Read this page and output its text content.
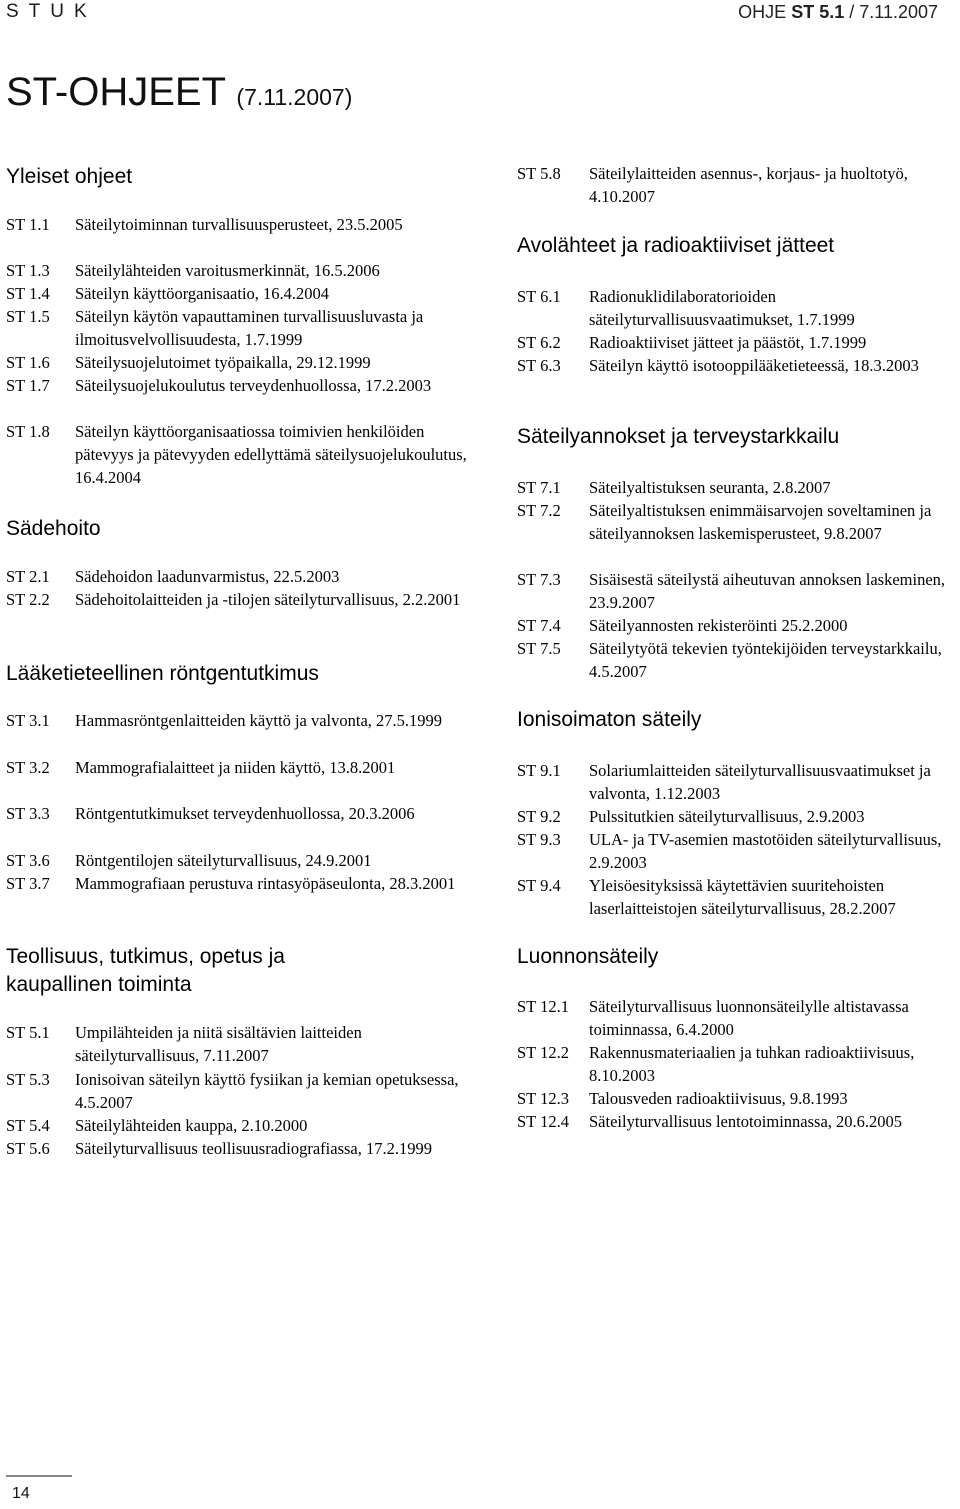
STUK	OHJE ST 5.1 / 7.11.2007
ST-OHJEET (7.11.2007)
Yleiset ohjeet
ST 1.1 Säteilytoiminnan turvallisuusperusteet, 23.5.2005
ST 1.3 Säteilylähteiden varoitusmerkinnät, 16.5.2006
ST 1.4 Säteilyn käyttöorganisaatio, 16.4.2004
ST 1.5 Säteilyn käytön vapauttaminen turvallisuusluvasta ja ilmoitusvelvollisuudesta, 1.7.1999
ST 1.6 Säteilysuojelutoimet työpaikalla, 29.12.1999
ST 1.7 Säteilysuojelukoulutus terveydenhuollossa, 17.2.2003
ST 1.8 Säteilyn käyttöorganisaatiossa toimivien henkilöiden pätevyys ja pätevyyden edellyttämä säteilysuojelukoulutus, 16.4.2004
Sädehoito
ST 2.1 Sädehoidon laadunvarmistus, 22.5.2003
ST 2.2 Sädehoitolaitteiden ja -tilojen säteilyturvallisuus, 2.2.2001
Lääketieteellinen röntgentutkimus
ST 3.1 Hammasröntgenlaitteiden käyttö ja valvonta, 27.5.1999
ST 3.2 Mammografialaitteet ja niiden käyttö, 13.8.2001
ST 3.3 Röntgentutkimukset terveydenhuollossa, 20.3.2006
ST 3.6 Röntgentilojen säteilyturvallisuus, 24.9.2001
ST 3.7 Mammografiaan perustuva rintasyöpäseulonta, 28.3.2001
Teollisuus, tutkimus, opetus ja kaupallinen toiminta
ST 5.1 Umpilähteiden ja niitä sisältävien laitteiden säteilyturvallisuus, 7.11.2007
ST 5.3 Ionisoivan säteilyn käyttö fysiikan ja kemian opetuksessa, 4.5.2007
ST 5.4 Säteilylähteiden kauppa, 2.10.2000
ST 5.6 Säteilyturvallisuus teollisuusradiografiassa, 17.2.1999
ST 5.8 Säteilylaitteiden asennus-, korjaus- ja huoltotyö, 4.10.2007
Avolähteet ja radioaktiiviset jätteet
ST 6.1 Radionuklidilaboratorioiden säteilyturvallisuusvaatimukset, 1.7.1999
ST 6.2 Radioaktiiviset jätteet ja päästöt, 1.7.1999
ST 6.3 Säteilyn käyttö isotooppilääketieteessä, 18.3.2003
Säteilyannokset ja terveystarkkailu
ST 7.1 Säteilyaltistuksen seuranta, 2.8.2007
ST 7.2 Säteilyaltistuksen enimmäisarvojen soveltaminen ja säteilyannoksen laskemisperusteet, 9.8.2007
ST 7.3 Sisäisestä säteilystä aiheutuvan annoksen laskeminen, 23.9.2007
ST 7.4 Säteilyannosten rekisteröinti 25.2.2000
ST 7.5 Säteilytyötä tekevien työntekijöiden terveystarkkailu, 4.5.2007
Ionisoimaton säteily
ST 9.1 Solariumlaitteiden säteilyturvallisuusvaatimukset ja valvonta, 1.12.2003
ST 9.2 Pulssitutkien säteilyturvallisuus, 2.9.2003
ST 9.3 ULA- ja TV-asemien mastotöiden säteilyturvallisuus, 2.9.2003
ST 9.4 Yleisöesityksissä käytettävien suuritehoisten laserlaitteistojen säteilyturvallisuus, 28.2.2007
Luonnonsäteily
ST 12.1 Säteilyturvallisuus luonnonsäteilylle altistavassa toiminnassa, 6.4.2000
ST 12.2 Rakennusmateriaalien ja tuhkan radioaktiivisuus, 8.10.2003
ST 12.3 Talousveden radioaktiivisuus, 9.8.1993
ST 12.4 Säteilyturvallisuus lentotoiminnassa, 20.6.2005
14
